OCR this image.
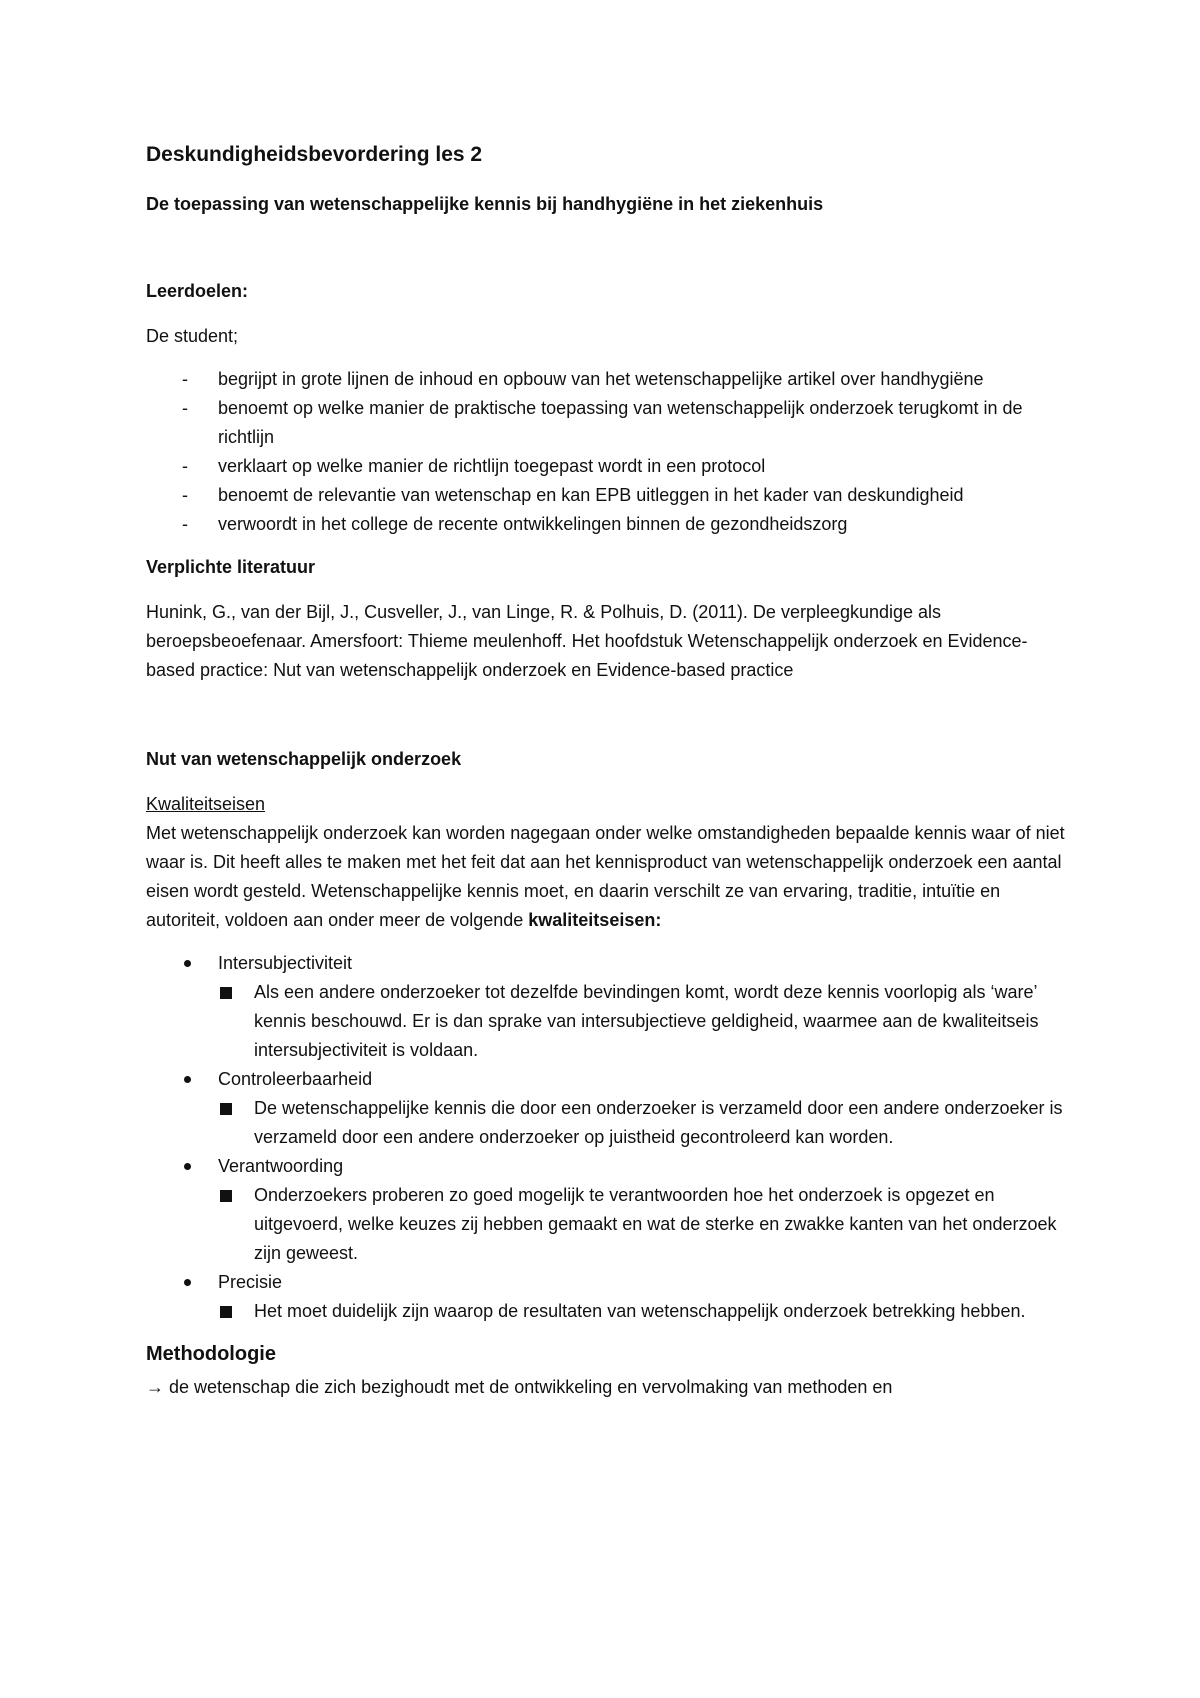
Deskundigheidsbevordering les 2
De toepassing van wetenschappelijke kennis bij handhygiëne in het ziekenhuis
Leerdoelen:
De student;
- begrijpt in grote lijnen de inhoud en opbouw van het wetenschappelijke artikel over handhygiëne
- benoemt op welke manier de praktische toepassing van wetenschappelijk onderzoek terugkomt in de richtlijn
- verklaart op welke manier de richtlijn toegepast wordt in een protocol
- benoemt de relevantie van wetenschap en kan EPB uitleggen in het kader van deskundigheid
- verwoordt in het college de recente ontwikkelingen binnen de gezondheidszorg
Verplichte literatuur
Hunink, G., van der Bijl, J., Cusveller, J., van Linge, R. & Polhuis, D. (2011). De verpleegkundige als beroepsbeoefenaar. Amersfoort: Thieme meulenhoff. Het hoofdstuk Wetenschappelijk onderzoek en Evidence-based practice: Nut van wetenschappelijk onderzoek en Evidence-based practice
Nut van wetenschappelijk onderzoek
Kwaliteitseisen
Met wetenschappelijk onderzoek kan worden nagegaan onder welke omstandigheden bepaalde kennis waar of niet waar is. Dit heeft alles te maken met het feit dat aan het kennisproduct van wetenschappelijk onderzoek een aantal eisen wordt gesteld. Wetenschappelijke kennis moet, en daarin verschilt ze van ervaring, traditie, intuïtie en autoriteit, voldoen aan onder meer de volgende kwaliteitseisen:
Intersubjectiviteit
Als een andere onderzoeker tot dezelfde bevindingen komt, wordt deze kennis voorlopig als ‘ware’ kennis beschouwd. Er is dan sprake van intersubjectieve geldigheid, waarmee aan de kwaliteitseis intersubjectiviteit is voldaan.
Controleerbaarheid
De wetenschappelijke kennis die door een onderzoeker is verzameld door een andere onderzoeker is verzameld door een andere onderzoeker op juistheid gecontroleerd kan worden.
Verantwoording
Onderzoekers proberen zo goed mogelijk te verantwoorden hoe het onderzoek is opgezet en uitgevoerd, welke keuzes zij hebben gemaakt en wat de sterke en zwakke kanten van het onderzoek zijn geweest.
Precisie
Het moet duidelijk zijn waarop de resultaten van wetenschappelijk onderzoek betrekking hebben.
Methodologie
→ de wetenschap die zich bezighoudt met de ontwikkeling en vervolmaking van methoden en
